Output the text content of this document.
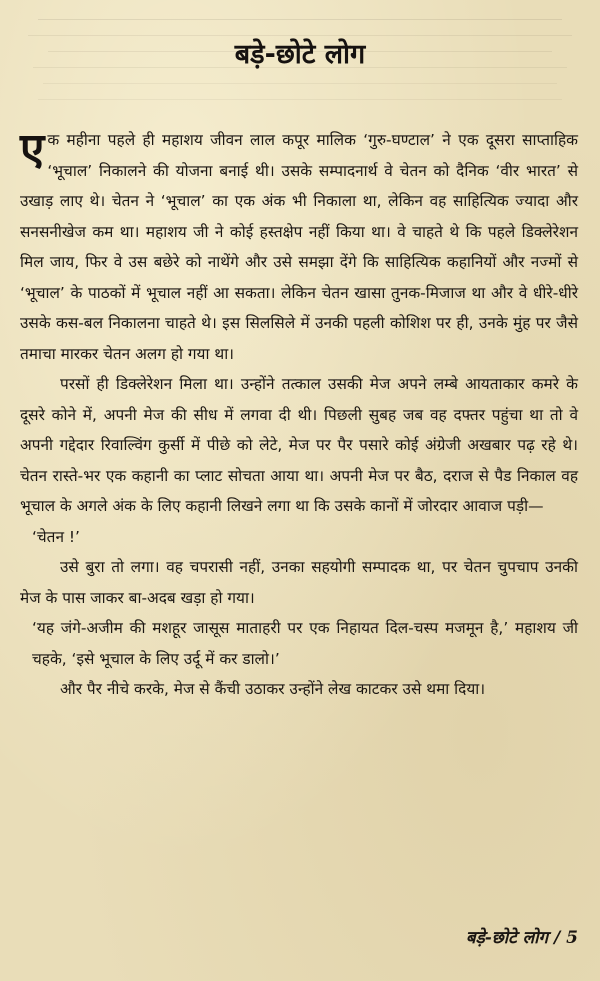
बड़े-छोटे लोग

एक महीना पहले ही महाशय जीवन लाल कपूर मालिक ‘गुरु-घण्टाल’ ने एक दूसरा साप्ताहिक ‘भूचाल’ निकालने की योजना बनाई थी। उसके सम्पादनार्थ वे चेतन को दैनिक ‘वीर भारत’ से उखाड़ लाए थे। चेतन ने ‘भूचाल’ का एक अंक भी निकाला था, लेकिन वह साहित्यिक ज्यादा और सनसनीखेज कम था। महाशय जी ने कोई हस्तक्षेप नहीं किया था। वे चाहते थे कि पहले डिक्लेरेशन मिल जाय, फिर वे उस बछेरे को नाथेंगे और उसे समझा देंगे कि साहित्यिक कहानियों और नज्मों से ‘भूचाल’ के पाठकों में भूचाल नहीं आ सकता। लेकिन चेतन खासा तुनक-मिजाज था और वे धीरे-धीरे उसके कस-बल निकालना चाहते थे। इस सिलसिले में उनकी पहली कोशिश पर ही, उनके मुंह पर जैसे तमाचा मारकर चेतन अलग हो गया था।

परसों ही डिक्लेरेशन मिला था। उन्होंने तत्काल उसकी मेज अपने लम्बे आयताकार कमरे के दूसरे कोने में, अपनी मेज की सीध में लगवा दी थी। पिछली सुबह जब वह दफ्तर पहुंचा था तो वे अपनी गद्देदार रिवाल्विंग कुर्सी में पीछे को लेटे, मेज पर पैर पसारे कोई अंग्रेजी अखबार पढ़ रहे थे। चेतन रास्ते-भर एक कहानी का प्लाट सोचता आया था। अपनी मेज पर बैठ, दराज से पैड निकाल वह भूचाल के अगले अंक के लिए कहानी लिखने लगा था कि उसके कानों में जोरदार आवाज पड़ी—

‘चेतन !’

उसे बुरा तो लगा। वह चपरासी नहीं, उनका सहयोगी सम्पादक था, पर चेतन चुपचाप उनकी मेज के पास जाकर बा-अदब खड़ा हो गया।

‘यह जंगे-अजीम की मशहूर जासूस माताहरी पर एक निहायत दिल-चस्प मजमून है,’ महाशय जी चहके, ‘इसे भूचाल के लिए उर्दू में कर डालो।’

और पैर नीचे करके, मेज से कैंची उठाकर उन्होंने लेख काटकर उसे थमा दिया।

बड़े-छोटे लोग / 5
